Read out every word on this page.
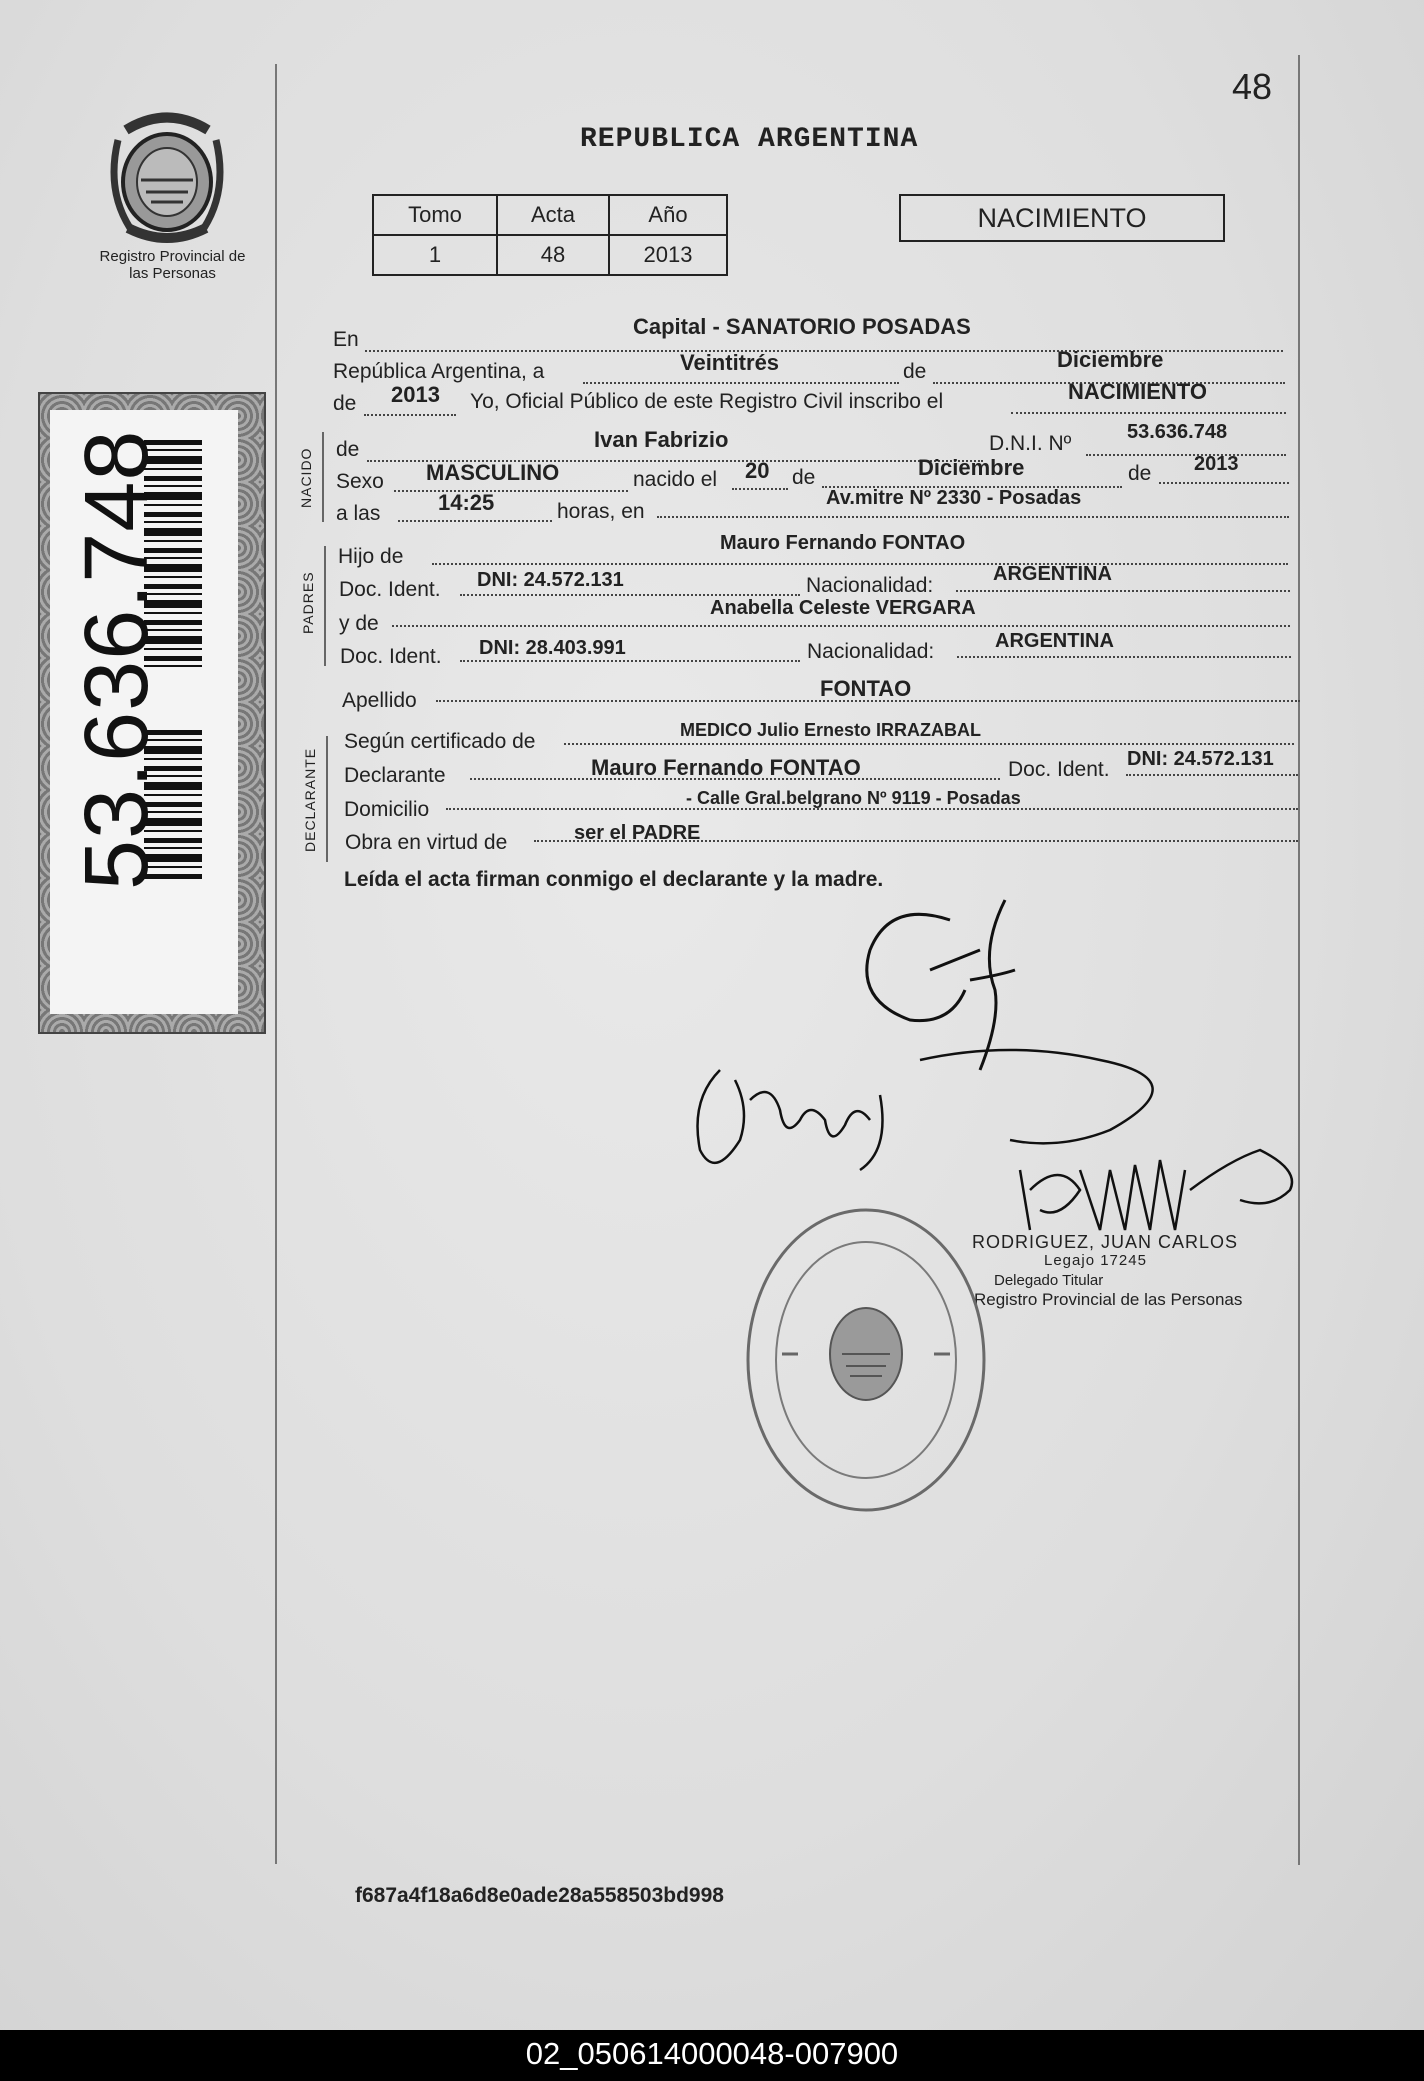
48
REPUBLICA ARGENTINA
Registro Provincial de las Personas
Tomo	Acta	Año
1	48	2013
NACIMIENTO
53.636.748	NACIDO
PADRES
DECLARANTE
En
Capital - SANATORIO POSADAS
República Argentina, a	Veintitrés	de	Diciembre
de 2013 Yo, Oficial Público de este Registro Civil inscribo el	NACIMIENTO
de	Ivan Fabrizio	D.N.I. Nº	53.636.748
Sexo MASCULINO	nacido el 20 de	Diciembre	de 2013
a las	14:25	horas, en
Av.mitre Nº 2330 - Posadas
Hijo de
Mauro Fernando FONTAO
Doc. Ident. DNI: 24.572.131	Nacionalidad:	ARGENTINA
y de
Anabella Celeste VERGARA
Doc. Ident. DNI: 28.403.991	Nacionalidad:	ARGENTINA
Apellido	FONTAO
Según certificado de	MEDICO Julio Ernesto IRRAZABAL
Declarante	Mauro Fernando FONTAO	Doc. Ident. DNI: 24.572.131
Domicilio	- Calle Gral.belgrano Nº 9119 - Posadas
Obra en virtud de	ser el PADRE
Leída el acta firman conmigo el declarante y la madre.
RODRIGUEZ, JUAN CARLOS
Legajo 17245
Delegado Titular
Registro Provincial de las Personas
f687a4f18a6d8e0ade28a558503bd998
02_050614000048-007900
